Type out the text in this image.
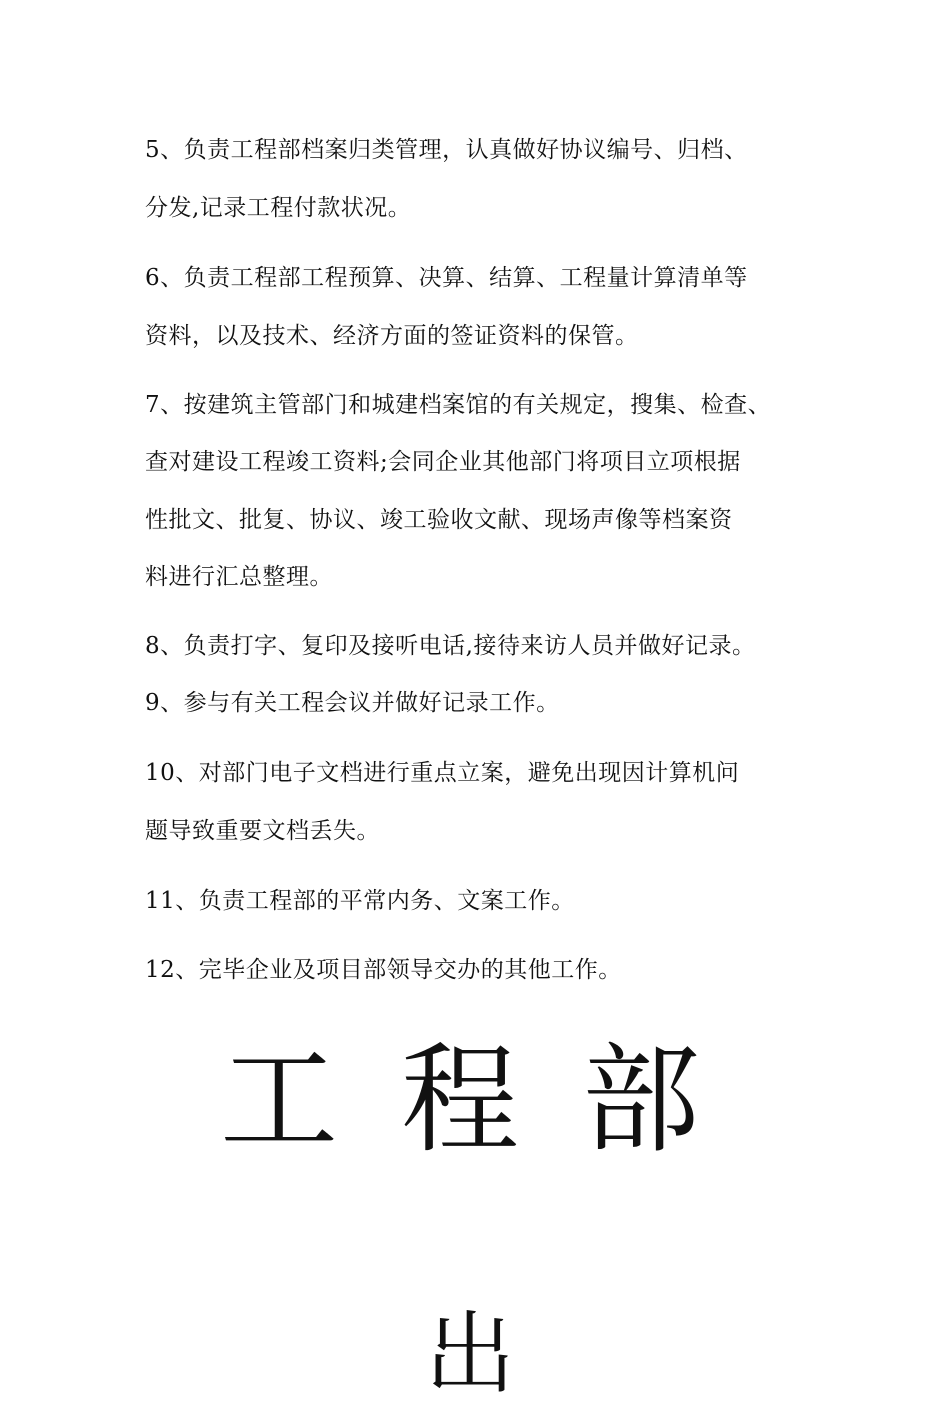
5、负责工程部档案归类管理，认真做好协议编号、归档、
分发,记录工程付款状况。
6、负责工程部工程预算、决算、结算、工程量计算清单等
资料，以及技术、经济方面的签证资料的保管。
7、按建筑主管部门和城建档案馆的有关规定，搜集、检查、
查对建设工程竣工资料;会同企业其他部门将项目立项根据
性批文、批复、协议、竣工验收文献、现场声像等档案资
料进行汇总整理。
8、负责打字、复印及接听电话,接待来访人员并做好记录。
9、参与有关工程会议并做好记录工作。
10、对部门电子文档进行重点立案，避免出现因计算机问
题导致重要文档丢失。
11、负责工程部的平常内务、文案工作。
12、完毕企业及项目部领导交办的其他工作。
工 程 部
出
